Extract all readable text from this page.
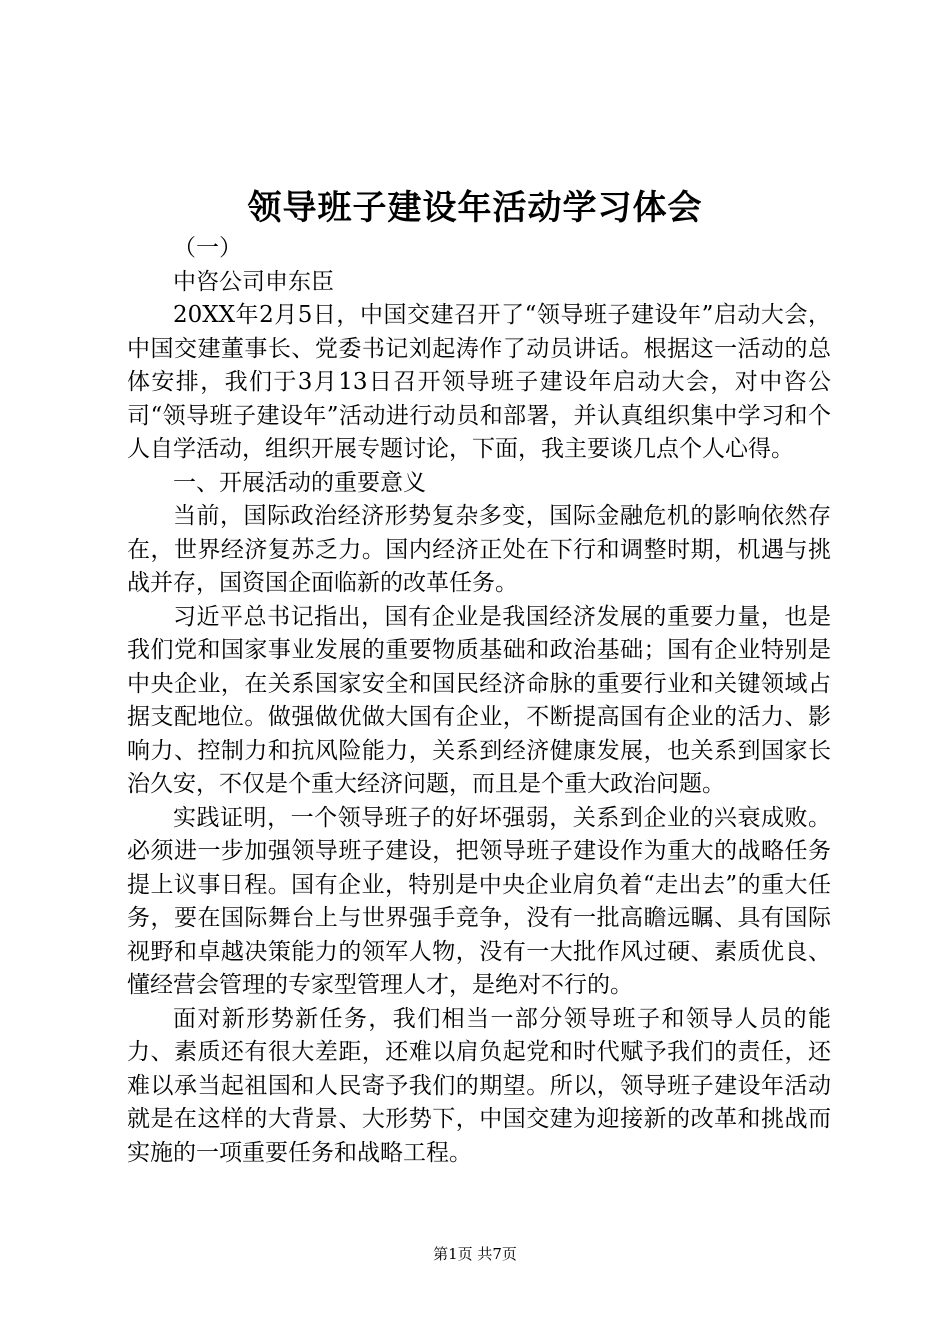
领导班子建设年活动学习体会

（一）

中咨公司申东臣

20XX年2月5日，中国交建召开了“领导班子建设年”启动大会，中国交建董事长、党委书记刘起涛作了动员讲话。根据这一活动的总体安排，我们于3月13日召开领导班子建设年启动大会，对中咨公司“领导班子建设年”活动进行动员和部署，并认真组织集中学习和个人自学活动，组织开展专题讨论，下面，我主要谈几点个人心得。

一、开展活动的重要意义

当前，国际政治经济形势复杂多变，国际金融危机的影响依然存在，世界经济复苏乏力。国内经济正处在下行和调整时期，机遇与挑战并存，国资国企面临新的改革任务。

习近平总书记指出，国有企业是我国经济发展的重要力量，也是我们党和国家事业发展的重要物质基础和政治基础；国有企业特别是中央企业，在关系国家安全和国民经济命脉的重要行业和关键领域占据支配地位。做强做优做大国有企业，不断提高国有企业的活力、影响力、控制力和抗风险能力，关系到经济健康发展，也关系到国家长治久安，不仅是个重大经济问题，而且是个重大政治问题。

实践证明，一个领导班子的好坏强弱，关系到企业的兴衰成败。必须进一步加强领导班子建设，把领导班子建设作为重大的战略任务提上议事日程。国有企业，特别是中央企业肩负着“走出去”的重大任务，要在国际舞台上与世界强手竞争，没有一批高瞻远瞩、具有国际视野和卓越决策能力的领军人物，没有一大批作风过硬、素质优良、懂经营会管理的专家型管理人才，是绝对不行的。

面对新形势新任务，我们相当一部分领导班子和领导人员的能力、素质还有很大差距，还难以肩负起党和时代赋予我们的责任，还难以承当起祖国和人民寄予我们的期望。所以，领导班子建设年活动就是在这样的大背景、大形势下，中国交建为迎接新的改革和挑战而实施的一项重要任务和战略工程。

第1页 共7页
